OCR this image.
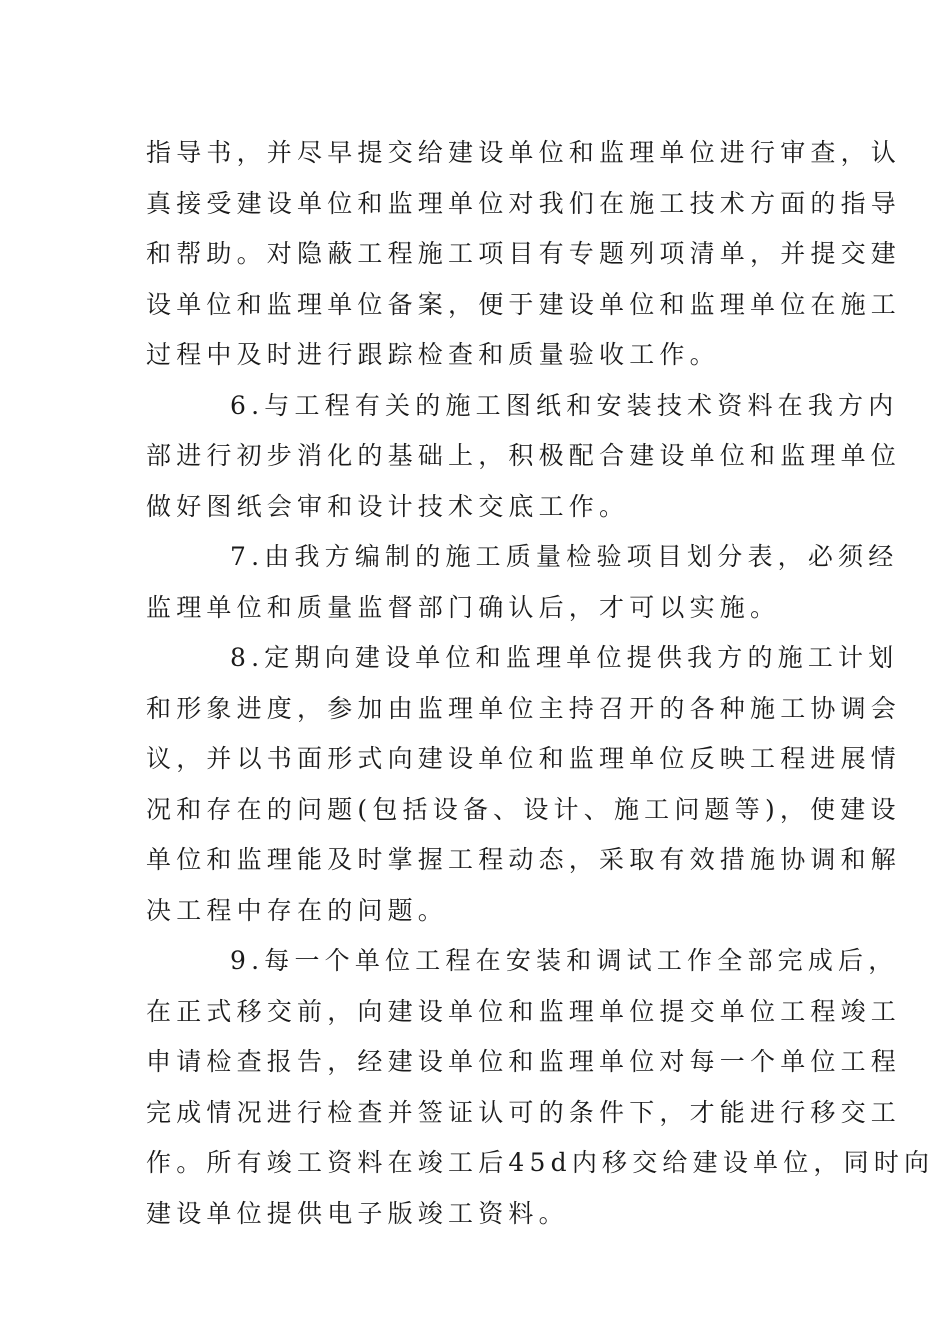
指导书，并尽早提交给建设单位和监理单位进行审查，认
真接受建设单位和监理单位对我们在施工技术方面的指导
和帮助。对隐蔽工程施工项目有专题列项清单，并提交建
设单位和监理单位备案，便于建设单位和监理单位在施工
过程中及时进行跟踪检查和质量验收工作。
6.与工程有关的施工图纸和安装技术资料在我方内
部进行初步消化的基础上，积极配合建设单位和监理单位
做好图纸会审和设计技术交底工作。
7.由我方编制的施工质量检验项目划分表，必须经
监理单位和质量监督部门确认后，才可以实施。
8.定期向建设单位和监理单位提供我方的施工计划
和形象进度，参加由监理单位主持召开的各种施工协调会
议，并以书面形式向建设单位和监理单位反映工程进展情
况和存在的问题(包括设备、设计、施工问题等)，使建设
单位和监理能及时掌握工程动态，采取有效措施协调和解
决工程中存在的问题。
9.每一个单位工程在安装和调试工作全部完成后，
在正式移交前，向建设单位和监理单位提交单位工程竣工
申请检查报告，经建设单位和监理单位对每一个单位工程
完成情况进行检查并签证认可的条件下，才能进行移交工
作。所有竣工资料在竣工后45d内移交给建设单位，同时向
建设单位提供电子版竣工资料。
